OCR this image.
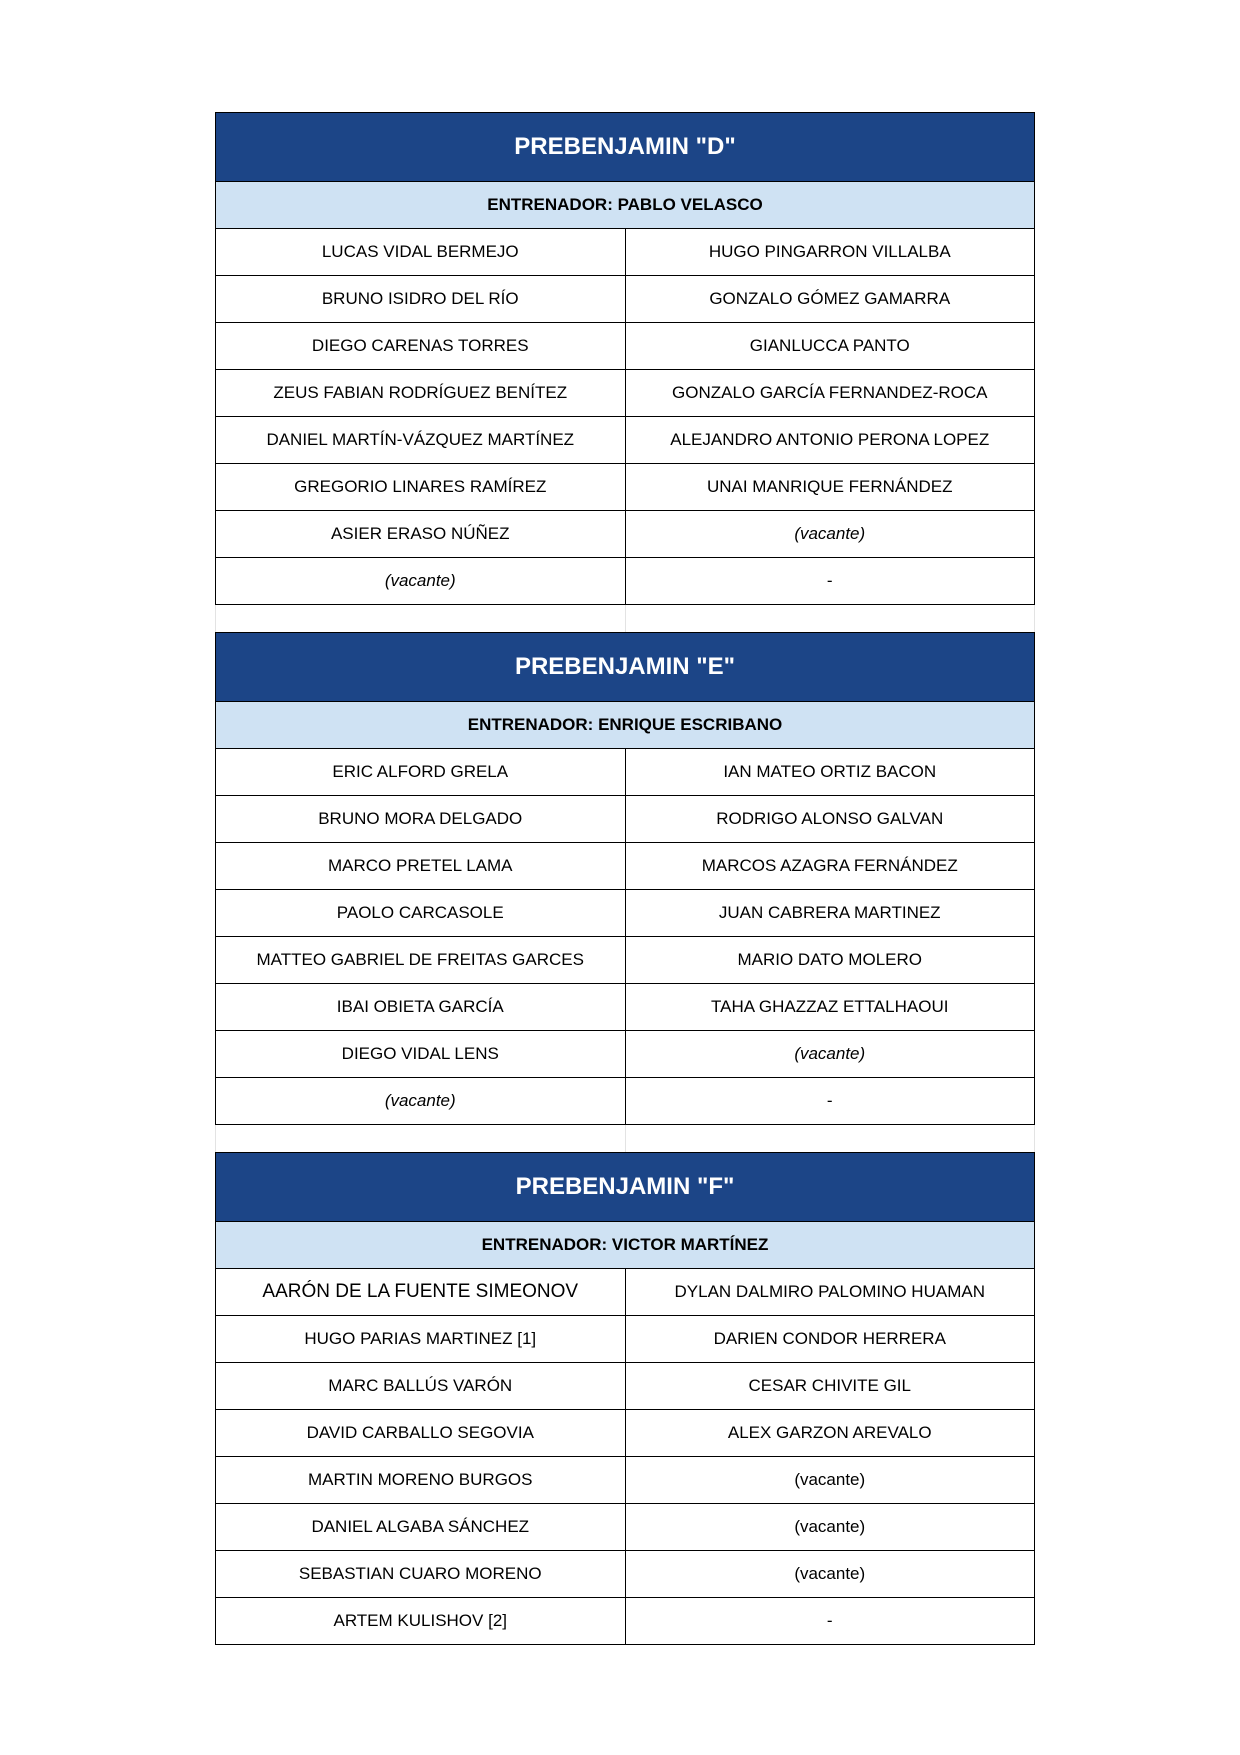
PREBENJAMIN "D"
ENTRENADOR: PABLO VELASCO
LUCAS VIDAL BERMEJO	HUGO PINGARRON VILLALBA
BRUNO ISIDRO DEL RÍO	GONZALO GÓMEZ GAMARRA
DIEGO CARENAS TORRES	GIANLUCCA PANTO
ZEUS FABIAN RODRÍGUEZ BENÍTEZ	GONZALO GARCÍA FERNANDEZ-ROCA
DANIEL MARTÍN-VÁZQUEZ MARTÍNEZ	ALEJANDRO ANTONIO PERONA LOPEZ
GREGORIO LINARES RAMÍREZ	UNAI MANRIQUE FERNÁNDEZ
ASIER ERASO NÚÑEZ	(vacante)
(vacante)	-
PREBENJAMIN "E"
ENTRENADOR: ENRIQUE ESCRIBANO
ERIC ALFORD GRELA	IAN MATEO ORTIZ BACON
BRUNO MORA DELGADO	RODRIGO ALONSO GALVAN
MARCO PRETEL LAMA	MARCOS AZAGRA FERNÁNDEZ
PAOLO CARCASOLE	JUAN CABRERA MARTINEZ
MATTEO GABRIEL DE FREITAS GARCES	MARIO DATO MOLERO
IBAI OBIETA GARCÍA	TAHA GHAZZAZ ETTALHAOUI
DIEGO VIDAL LENS	(vacante)
(vacante)	-
PREBENJAMIN "F"
ENTRENADOR: VICTOR MARTÍNEZ
AARÓN DE LA FUENTE SIMEONOV	DYLAN DALMIRO PALOMINO HUAMAN
HUGO PARIAS MARTINEZ [1]	DARIEN CONDOR HERRERA
MARC BALLÚS VARÓN	CESAR CHIVITE GIL
DAVID CARBALLO SEGOVIA	ALEX GARZON AREVALO
MARTIN MORENO BURGOS	(vacante)
DANIEL ALGABA SÁNCHEZ	(vacante)
SEBASTIAN CUARO MORENO	(vacante)
ARTEM KULISHOV [2]	-
